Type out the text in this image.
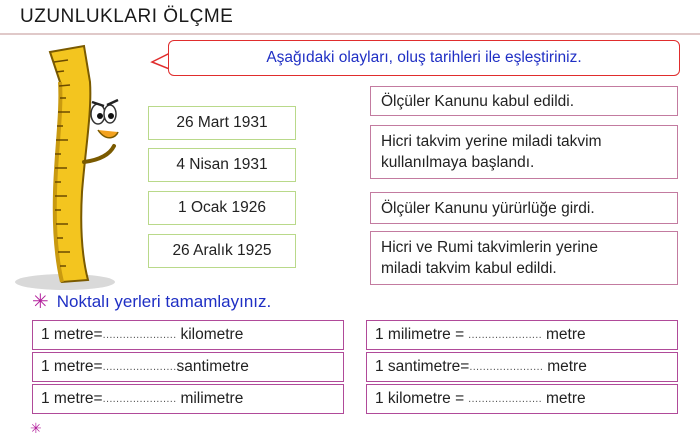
UZUNLUKLARI ÖLÇME
Aşağıdaki olayları, oluş tarihleri ile eşleştiriniz.
26 Mart 1931
4 Nisan 1931
1 Ocak 1926
26 Aralık 1925
Ölçüler Kanunu kabul edildi.
Hicri takvim yerine miladi takvim
kullanılmaya başlandı.
Ölçüler Kanunu yürürlüğe girdi.
Hicri ve Rumi takvimlerin yerine
miladi takvim kabul edildi.
✳ Noktalı yerleri tamamlayınız.
1 metre= ...................... kilometre
1 metre= ...................... santimetre
1 metre= ...................... milimetre
1 milimetre = ...................... metre
1 santimetre= ...................... metre
1 kilometre = ...................... metre
✳
